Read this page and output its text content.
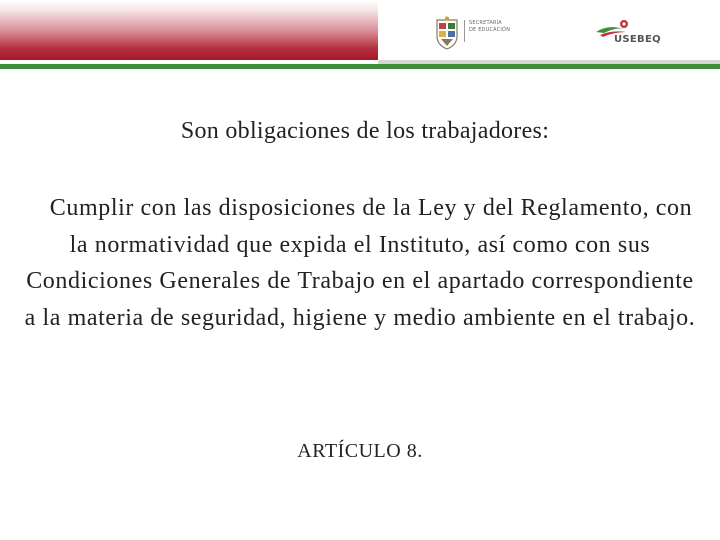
SECRETARÍA
DE EDUCACIÓN
USEBEQ
Son obligaciones de los trabajadores:
Cumplir con las disposiciones de la Ley y del Reglamento, con la normatividad que expida el Instituto, así como con sus Condiciones Generales de Trabajo en el apartado correspondiente a la materia de seguridad, higiene y medio ambiente en el trabajo.
ARTÍCULO 8.
